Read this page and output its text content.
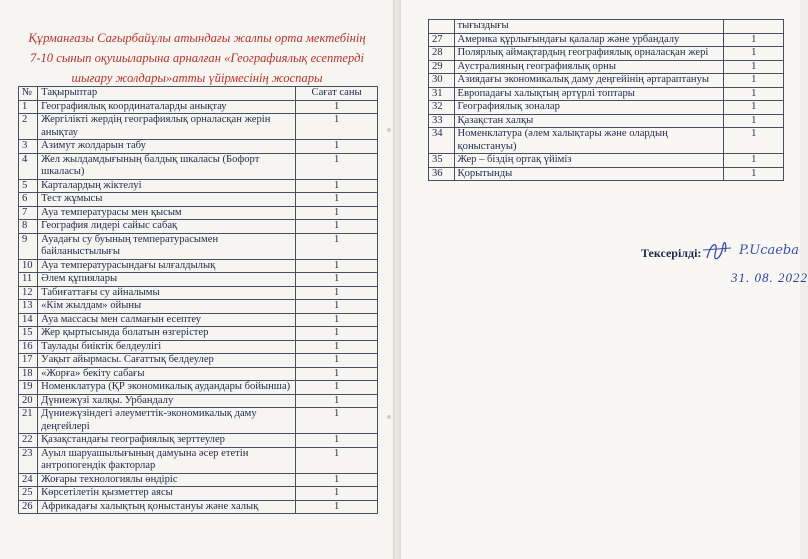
Құрманғазы Сағырбайұлы атындағы жалпы орта мектебінің
7-10 сынып оқушыларына арналған «Географиялық есептерді
шығару жолдары»атты үйірмесінің жоспары
№	Тақырыптар	Сағат саны
1	Географиялық координаталарды анықтау	1
2	Жергілікті жердің географиялық орналасқан жерін анықтау	1
3	Азимут жолдарын табу	1
4	Жел жылдамдығының балдық шкаласы (Бофорт шкаласы)	1
5	Карталардың жіктелуі	1
6	Тест жұмысы	1
7	Ауа температурасы мен қысым	1
8	География лидері сайыс сабақ	1
9	Ауадағы су буының температурасымен байланыстылығы	1
10	Ауа температурасындағы ылғалдылық	1
11	Әлем құпиялары	1
12	Табиғаттағы су айналымы	1
13	«Кім жылдам» ойыны	1
14	Ауа массасы мен салмағын есептеу	1
15	Жер қыртысында болатын өзгерістер	1
16	Таулады биіктік белдеулігі	1
17	Уақыт айырмасы. Сағаттық белдеулер	1
18	«Жорға» бекіту сабағы	1
19	Номенклатура (ҚР экономикалық аудандары бойынша)	1
20	Дүниежүзі халқы. Урбандалу	1
21	Дүниежүзіндегі әлеуметтік-экономикалық даму деңгейлері	1
22	Қазақстандағы географиялық зерттеулер	1
23	Ауыл шаруашылығының дамуына әсер ететін антропогендік факторлар	1
24	Жоғары технологиялы өндіріс	1
25	Көрсетілетін қызметтер аясы	1
26	Африкадағы халықтың қоныстануы және халық	1
	тығыздығы	
27	Америка құрлығындағы қалалар және урбандалу	1
28	Полярлық аймақтардың географиялық орналасқан жері	1
29	Аустралияның географиялық орны	1
30	Азиядағы экономикалық даму деңгейінің әртараптануы	1
31	Европадағы халықтың әртүрлі топтары	1
32	Географиялық зоналар	1
33	Қазақстан халқы	1
34	Номенклатура (әлем халықтары және олардың қоныстануы)	1
35	Жер – біздің ортақ үйіміз	1
36	Қорытынды	1
Тексерілді:	P.Ucaeba
31. 08. 2022
